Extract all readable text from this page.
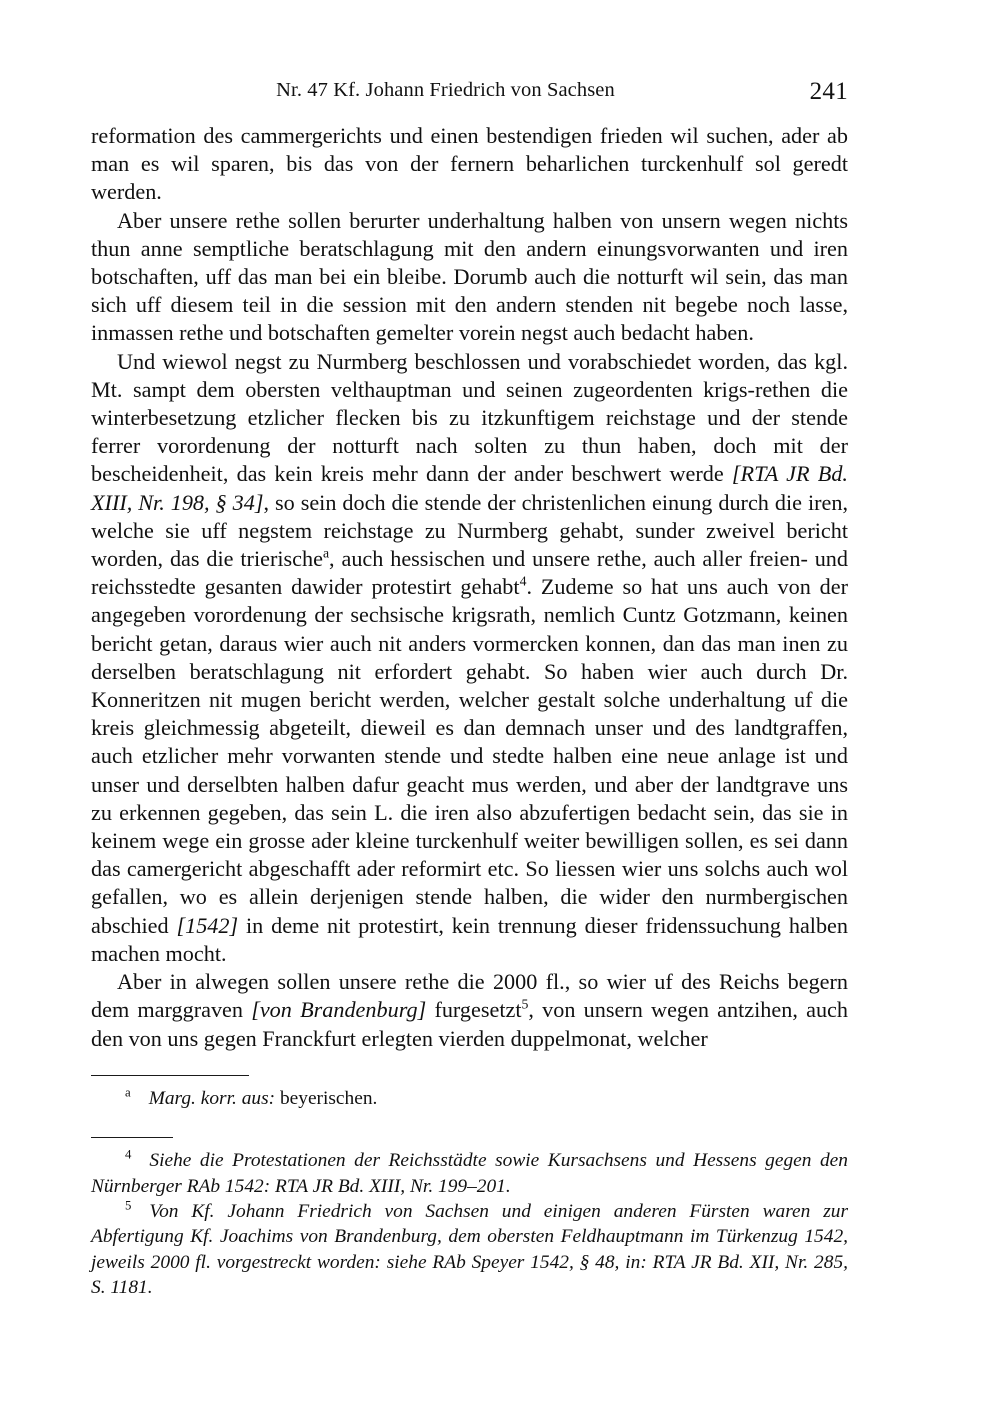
Nr. 47 Kf. Johann Friedrich von Sachsen	241

reformation des cammergerichts und einen bestendigen frieden wil suchen, ader ab man es wil sparen, bis das von der fernern beharlichen turckenhulf sol geredt werden.

Aber unsere rethe sollen berurter underhaltung halben von unsern wegen nichts thun anne semptliche beratschlagung mit den andern einungsvorwanten und iren botschaften, uff das man bei ein bleibe. Dorumb auch die notturft wil sein, das man sich uff diesem teil in die session mit den andern stenden nit begebe noch lasse, inmassen rethe und botschaften gemelter vorein negst auch bedacht haben.

Und wiewol negst zu Nurmberg beschlossen und vorabschiedet worden, das kgl. Mt. sampt dem obersten velthauptman und seinen zugeordenten krigs-rethen die winterbesetzung etzlicher flecken bis zu itzkunftigem reichstage und der stende ferrer vorordenung der notturft nach solten zu thun haben, doch mit der bescheidenheit, das kein kreis mehr dann der ander beschwert werde [RTA JR Bd. XIII, Nr. 198, § 34], so sein doch die stende der christenlichen einung durch die iren, welche sie uff negstem reichstage zu Nurmberg gehabt, sunder zweivel bericht worden, das die trierische$^a$, auch hessischen und unsere rethe, auch aller freien- und reichsstedte gesanten dawider protestirt gehabt$^4$. Zudeme so hat uns auch von der angegeben vorordenung der sechsische krigsrath, nemlich Cuntz Gotzmann, keinen bericht getan, daraus wier auch nit anders vormercken konnen, dan das man inen zu derselben beratschlagung nit erfordert gehabt. So haben wier auch durch Dr. Konneritzen nit mugen bericht werden, welcher gestalt solche underhaltung uf die kreis gleichmessig abgeteilt, dieweil es dan demnach unser und des landtgraffen, auch etzlicher mehr vorwanten stende und stedte halben eine neue anlage ist und unser und derselbten halben dafur geacht mus werden, und aber der landtgrave uns zu erkennen gegeben, das sein L. die iren also abzufertigen bedacht sein, das sie in keinem wege ein grosse ader kleine turckenhulf weiter bewilligen sollen, es sei dann das camergericht abgeschafft ader reformirt etc. So liessen wier uns solchs auch wol gefallen, wo es allein derjenigen stende halben, die wider den nurmbergischen abschied [1542] in deme nit protestirt, kein trennung dieser fridenssuchung halben machen mocht.

Aber in alwegen sollen unsere rethe die 2000 fl., so wier uf des Reichs begern dem marggraven [von Brandenburg] furgesetzt$^5$, von unsern wegen antzihen, auch den von uns gegen Franckfurt erlegten vierden duppelmonat, welcher

$^a$ Marg. korr. aus: beyerischen.

$^4$ Siehe die Protestationen der Reichsstädte sowie Kursachsens und Hessens gegen den Nürnberger RAb 1542: RTA JR Bd. XIII, Nr. 199–201.

$^5$ Von Kf. Johann Friedrich von Sachsen und einigen anderen Fürsten waren zur Abfertigung Kf. Joachims von Brandenburg, dem obersten Feldhauptmann im Türkenzug 1542, jeweils 2000 fl. vorgestreckt worden: siehe RAb Speyer 1542, § 48, in: RTA JR Bd. XII, Nr. 285, S. 1181.
